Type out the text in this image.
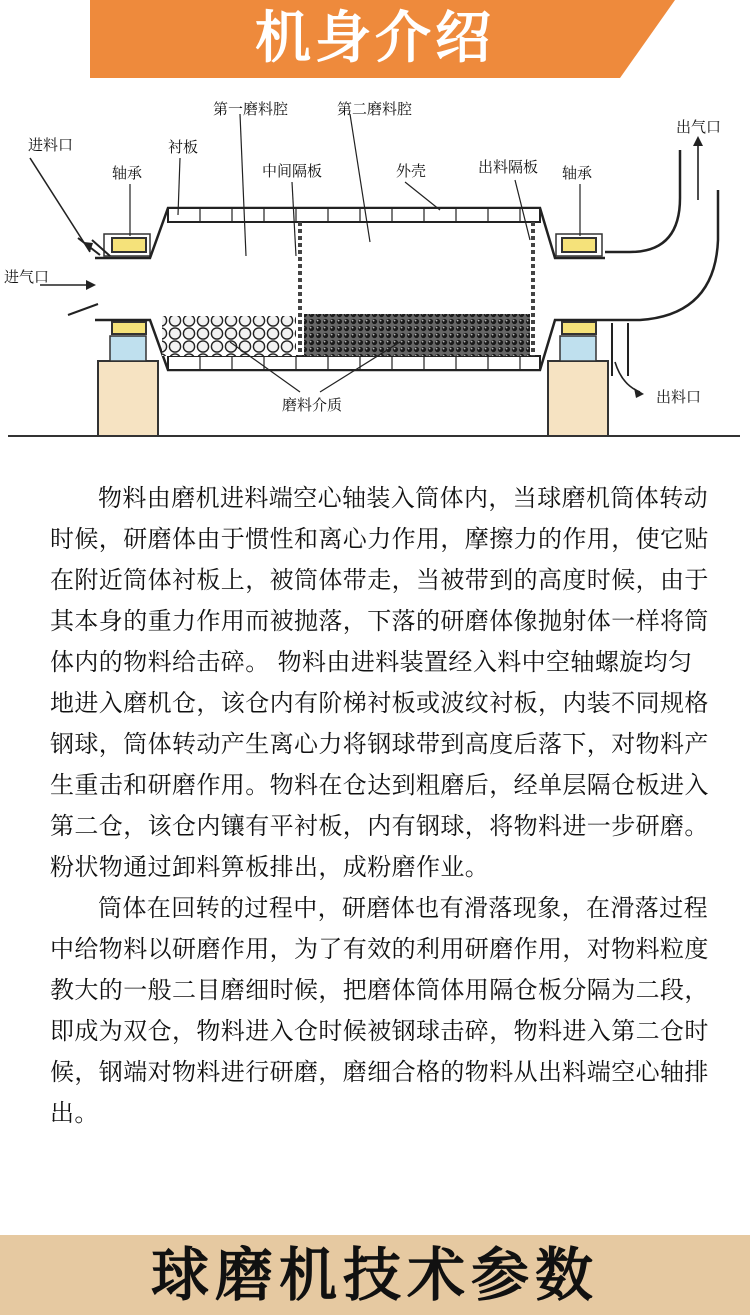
机身介绍
进料口
轴承
衬板
第一磨料腔	第二磨料腔
中间隔板	外壳	出料隔板 轴承
出气口
进气口
磨料介质	出料口

物料由磨机进料端空心轴装入筒体内，当球磨机筒体转动时候，研磨体由于惯性和离心力作用，摩擦力的作用，使它贴在附近筒体衬板上，被筒体带走，当被带到的高度时候，由于其本身的重力作用而被抛落，下落的研磨体像抛射体一样将筒体内的物料给击碎。 物料由进料装置经入料中空轴螺旋均匀地进入磨机仓，该仓内有阶梯衬板或波纹衬板，内装不同规格钢球，筒体转动产生离心力将钢球带到高度后落下，对物料产生重击和研磨作用。物料在仓达到粗磨后，经单层隔仓板进入第二仓，该仓内镶有平衬板，内有钢球，将物料进一步研磨。粉状物通过卸料箅板排出，成粉磨作业。

筒体在回转的过程中，研磨体也有滑落现象，在滑落过程中给物料以研磨作用，为了有效的利用研磨作用，对物料粒度教大的一般二目磨细时候，把磨体筒体用隔仓板分隔为二段，即成为双仓，物料进入仓时候被钢球击碎，物料进入第二仓时候，钢端对物料进行研磨，磨细合格的物料从出料端空心轴排出。

球磨机技术参数
